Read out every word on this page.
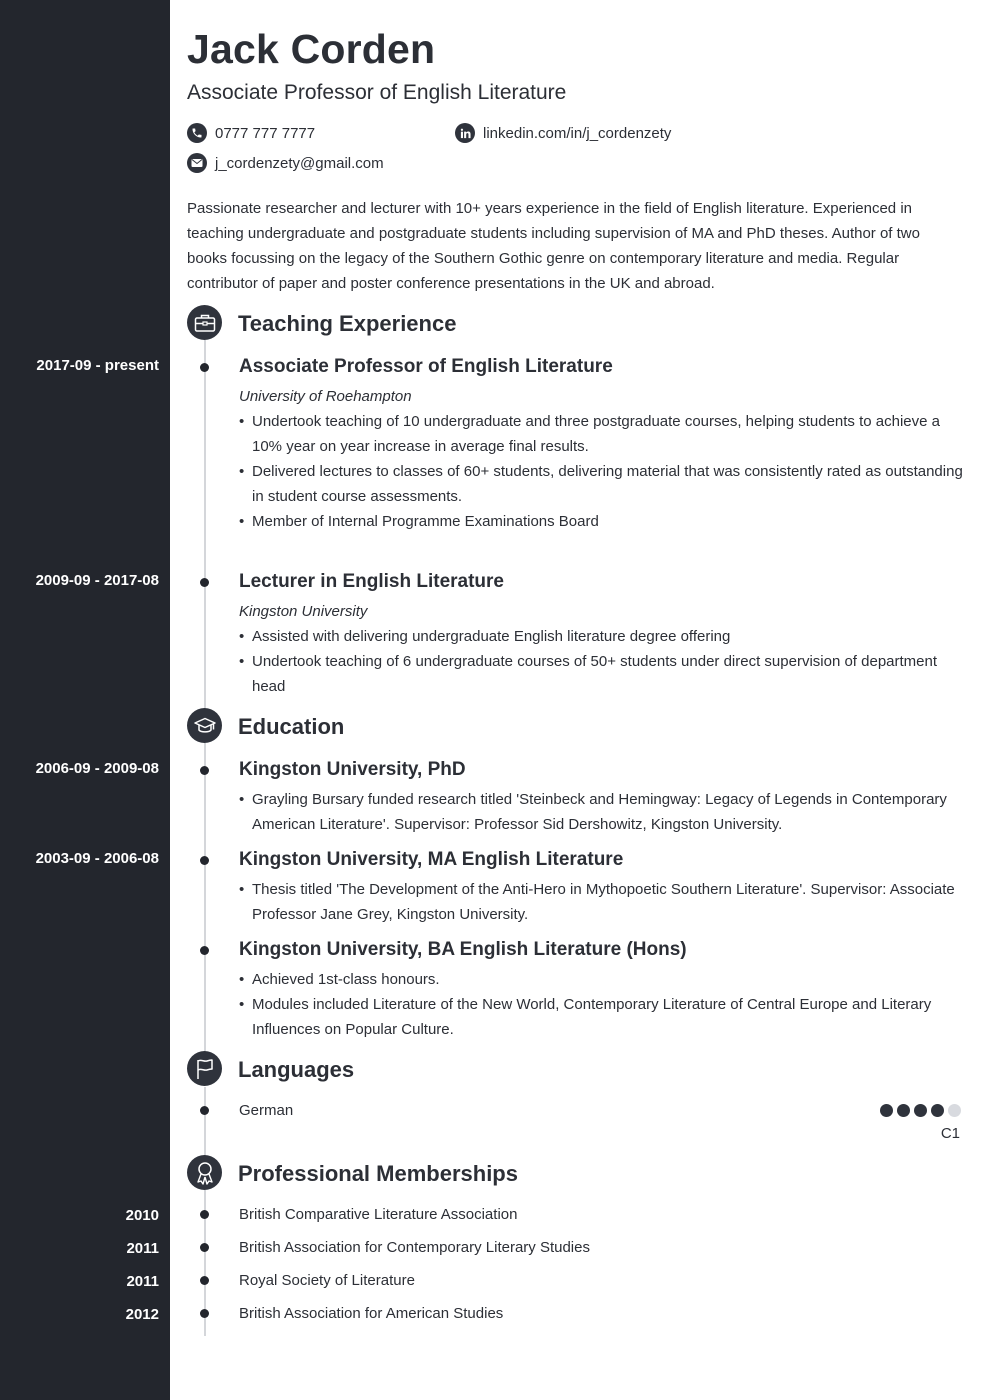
Jack Corden
Associate Professor of English Literature
0777 777 7777	linkedin.com/in/j_cordenzety
j_cordenzety@gmail.com
Passionate researcher and lecturer with 10+ years experience in the field of English literature. Experienced in teaching undergraduate and postgraduate students including supervision of MA and PhD theses. Author of two books focussing on the legacy of the Southern Gothic genre on contemporary literature and media. Regular contributor of paper and poster conference presentations in the UK and abroad.
Teaching Experience
2017-09 - present	Associate Professor of English Literature
University of Roehampton
• Undertook teaching of 10 undergraduate and three postgraduate courses, helping students to achieve a 10% year on year increase in average final results.
• Delivered lectures to classes of 60+ students, delivering material that was consistently rated as outstanding in student course assessments.
• Member of Internal Programme Examinations Board
2009-09 - 2017-08	Lecturer in English Literature
Kingston University
• Assisted with delivering undergraduate English literature degree offering
• Undertook teaching of 6 undergraduate courses of 50+ students under direct supervision of department head
Education
2006-09 - 2009-08	Kingston University, PhD
• Grayling Bursary funded research titled 'Steinbeck and Hemingway: Legacy of Legends in Contemporary American Literature'. Supervisor: Professor Sid Dershowitz, Kingston University.
2003-09 - 2006-08	Kingston University, MA English Literature
• Thesis titled 'The Development of the Anti-Hero in Mythopoetic Southern Literature'. Supervisor: Associate Professor Jane Grey, Kingston University.
Kingston University, BA English Literature (Hons)
• Achieved 1st-class honours.
• Modules included Literature of the New World, Contemporary Literature of Central Europe and Literary Influences on Popular Culture.
Languages
German
C1
Professional Memberships
2010	British Comparative Literature Association
2011	British Association for Contemporary Literary Studies
2011	Royal Society of Literature
2012	British Association for American Studies
